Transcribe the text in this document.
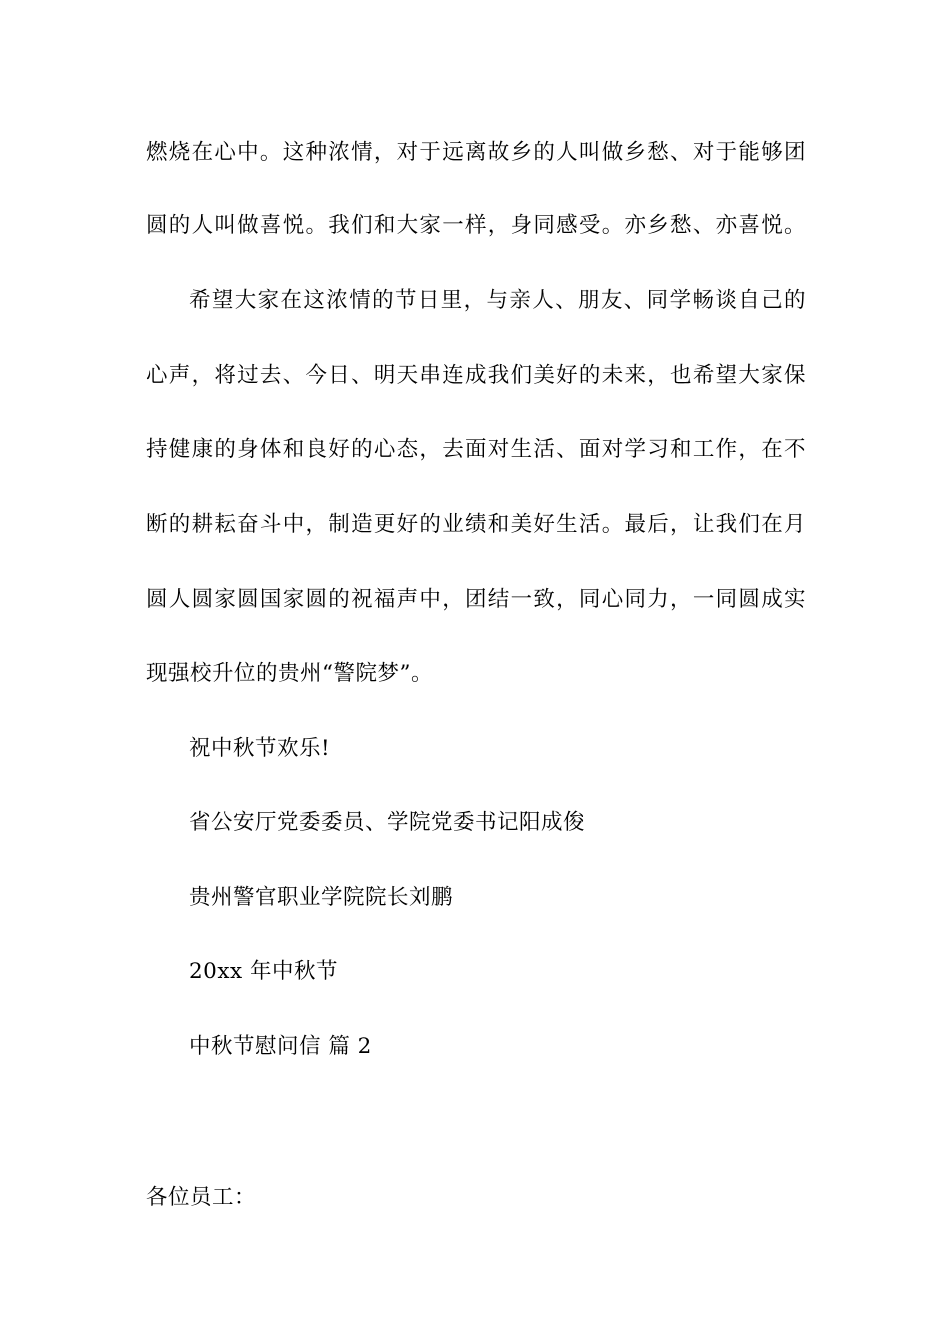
燃烧在心中。这种浓情，对于远离故乡的人叫做乡愁、对于能够团
圆的人叫做喜悦。我们和大家一样，身同感受。亦乡愁、亦喜悦。
希望大家在这浓情的节日里，与亲人、朋友、同学畅谈自己的
心声，将过去、今日、明天串连成我们美好的未来，也希望大家保
持健康的身体和良好的心态，去面对生活、面对学习和工作，在不
断的耕耘奋斗中，制造更好的业绩和美好生活。最后，让我们在月
圆人圆家圆国家圆的祝福声中，团结一致，同心同力，一同圆成实
现强校升位的贵州“警院梦”。
祝中秋节欢乐!
省公安厅党委委员、学院党委书记阳成俊
贵州警官职业学院院长刘鹏
20xx 年中秋节
中秋节慰问信 篇 2
各位员工：
